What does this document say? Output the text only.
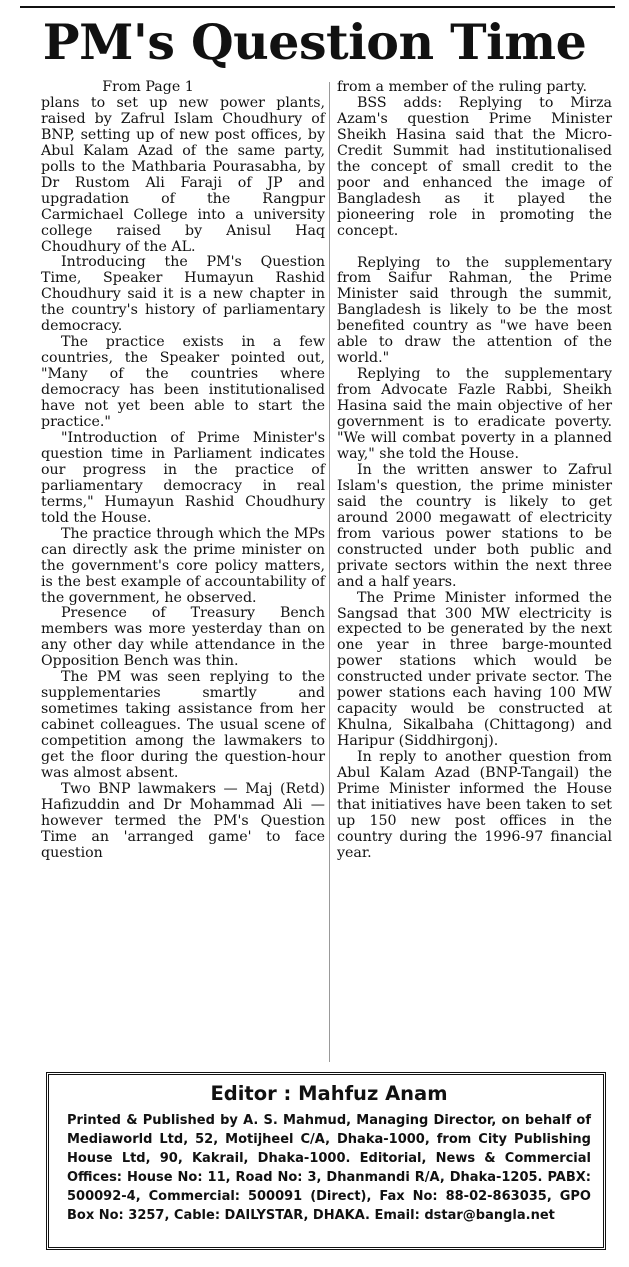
PM's Question Time

From Page 1

plans to set up new power plants, raised by Zafrul Islam Choudhury of BNP, setting up of new post offices, by Abul Kalam Azad of the same party, polls to the Mathbaria Pourasabha, by Dr Rustom Ali Faraji of JP and upgradation of the Rangpur Carmichael College into a university college raised by Anisul Haq Choudhury of the AL.

Introducing the PM's Question Time, Speaker Humayun Rashid Choudhury said it is a new chapter in the country's history of parliamentary democracy.

The practice exists in a few countries, the Speaker pointed out, "Many of the countries where democracy has been institutionalised have not yet been able to start the practice."

"Introduction of Prime Minister's question time in Parliament indicates our progress in the practice of parliamentary democracy in real terms," Humayun Rashid Choudhury told the House.

The practice through which the MPs can directly ask the prime minister on the government's core policy matters, is the best example of accountability of the government, he observed.

Presence of Treasury Bench members was more yesterday than on any other day while attendance in the Opposition Bench was thin.

The PM was seen replying to the supplementaries smartly and sometimes taking assistance from her cabinet colleagues. The usual scene of competition among the lawmakers to get the floor during the question-hour was almost absent.

Two BNP lawmakers — Maj (Retd) Hafizuddin and Dr Mohammad Ali — however termed the PM's Question Time an 'arranged game' to face question

from a member of the ruling party.

BSS adds: Replying to Mirza Azam's question Prime Minister Sheikh Hasina said that the Micro-Credit Summit had institutionalised the concept of small credit to the poor and enhanced the image of Bangladesh as it played the pioneering role in promoting the concept.

Replying to the supplementary from Saifur Rahman, the Prime Minister said through the summit, Bangladesh is likely to be the most benefited country as "we have been able to draw the attention of the world."

Replying to the supplementary from Advocate Fazle Rabbi, Sheikh Hasina said the main objective of her government is to eradicate poverty. "We will combat poverty in a planned way," she told the House.

In the written answer to Zafrul Islam's question, the prime minister said the country is likely to get around 2000 megawatt of electricity from various power stations to be constructed under both public and private sectors within the next three and a half years.

The Prime Minister informed the Sangsad that 300 MW electricity is expected to be generated by the next one year in three barge-mounted power stations which would be constructed under private sector. The power stations each having 100 MW capacity would be constructed at Khulna, Sikalbaha (Chittagong) and Haripur (Siddhirgonj).

In reply to another question from Abul Kalam Azad (BNP-Tangail) the Prime Minister informed the House that initiatives have been taken to set up 150 new post offices in the country during the 1996-97 financial year.

Editor : Mahfuz Anam
Printed & Published by A. S. Mahmud, Managing Director, on behalf of Mediaworld Ltd, 52, Motijheel C/A, Dhaka-1000, from City Publishing House Ltd, 90, Kakrail, Dhaka-1000. Editorial, News & Commercial Offices: House No: 11, Road No: 3, Dhanmandi R/A, Dhaka-1205. PABX: 500092-4, Commercial: 500091 (Direct), Fax No: 88-02-863035, GPO Box No: 3257, Cable: DAILYSTAR, DHAKA. Email: dstar@bangla.net
